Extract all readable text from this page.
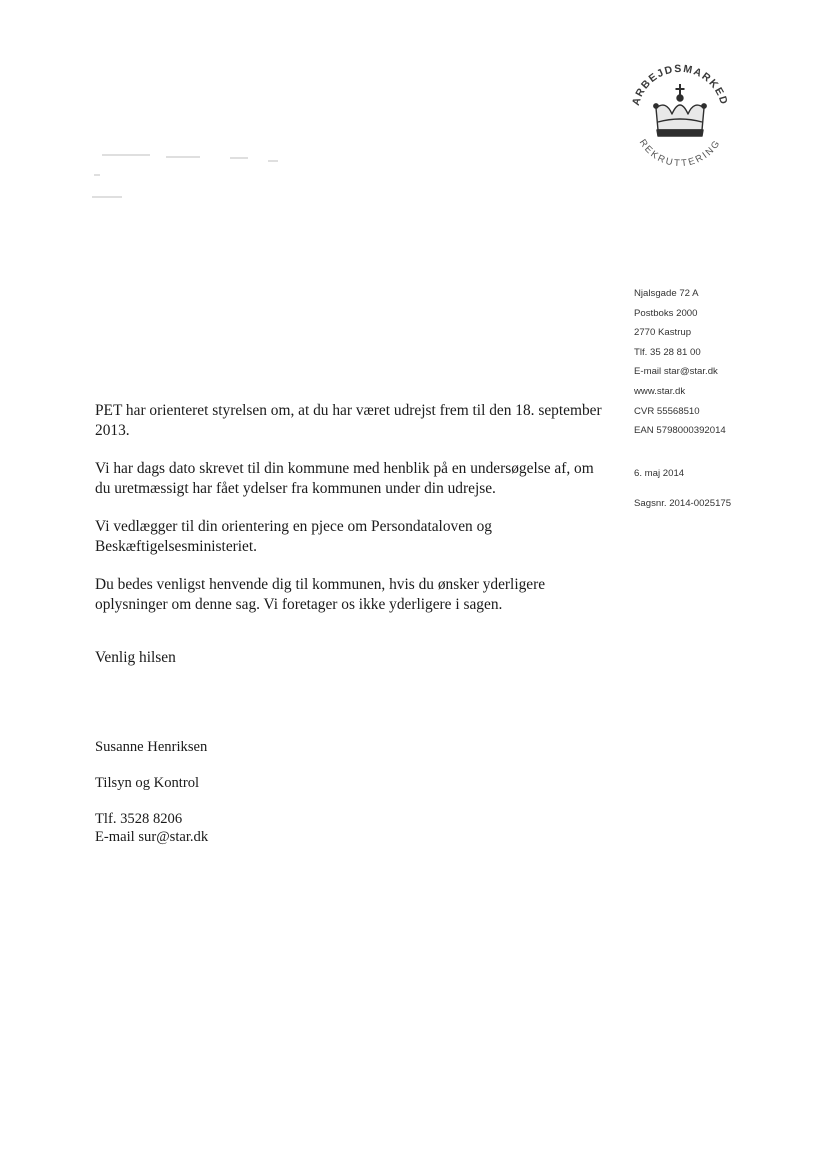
ARBEJDSMARKED
REKRUTTERING
Njalsgade 72 A
Postboks 2000
2770 Kastrup
Tlf. 35 28 81 00
E-mail star@star.dk
www.star.dk
CVR 55568510
EAN 5798000392014
6. maj 2014
Sagsnr. 2014-0025175

PET har orienteret styrelsen om, at du har været udrejst frem til den 18. september 2013.

Vi har dags dato skrevet til din kommune med henblik på en undersøgelse af, om du uretmæssigt har fået ydelser fra kommunen under din udrejse.

Vi vedlægger til din orientering en pjece om Persondataloven og Beskæftigelsesministeriet.

Du bedes venligst henvende dig til kommunen, hvis du ønsker yderligere oplysninger om denne sag. Vi foretager os ikke yderligere i sagen.

Venlig hilsen

Susanne Henriksen

Tilsyn og Kontrol

Tlf. 3528 8206
E-mail sur@star.dk
